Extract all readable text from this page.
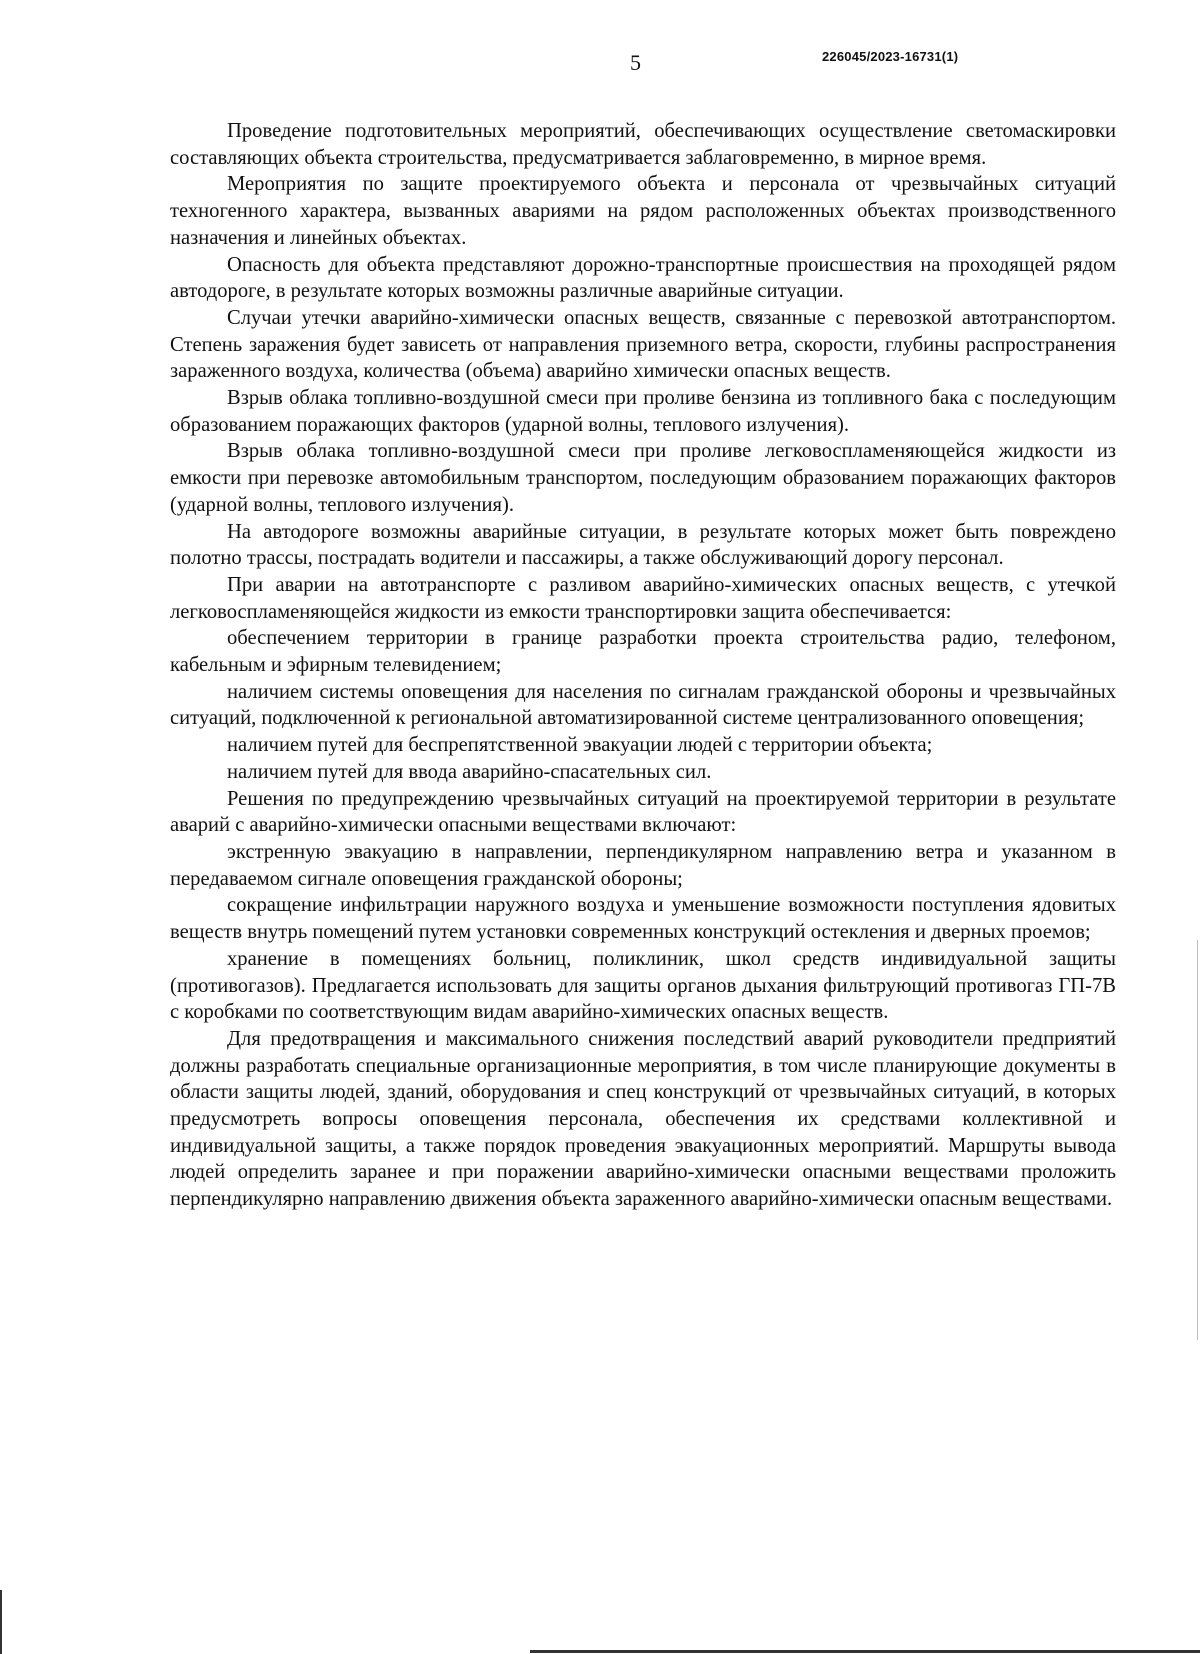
5	226045/2023-16731(1)

Проведение подготовительных мероприятий, обеспечивающих осуществление светомаскировки составляющих объекта строительства, предусматривается заблаговременно, в мирное время.

Мероприятия по защите проектируемого объекта и персонала от чрезвычайных ситуаций техногенного характера, вызванных авариями на рядом расположенных объектах производственного назначения и линейных объектах.

Опасность для объекта представляют дорожно-транспортные происшествия на проходящей рядом автодороге, в результате которых возможны различные аварийные ситуации.

Случаи утечки аварийно-химически опасных веществ, связанные с перевозкой автотранспортом. Степень заражения будет зависеть от направления приземного ветра, скорости, глубины распространения зараженного воздуха, количества (объема) аварийно химически опасных веществ.

Взрыв облака топливно-воздушной смеси при проливе бензина из топливного бака с последующим образованием поражающих факторов (ударной волны, теплового излучения).

Взрыв облака топливно-воздушной смеси при проливе легковоспламеняющейся жидкости из емкости при перевозке автомобильным транспортом, последующим образованием поражающих факторов (ударной волны, теплового излучения).

На автодороге возможны аварийные ситуации, в результате которых может быть повреждено полотно трассы, пострадать водители и пассажиры, а также обслуживающий дорогу персонал.

При аварии на автотранспорте с разливом аварийно-химических опасных веществ, с утечкой легковоспламеняющейся жидкости из емкости транспортировки защита обеспечивается:

обеспечением территории в границе разработки проекта строительства радио, телефоном, кабельным и эфирным телевидением;

наличием системы оповещения для населения по сигналам гражданской обороны и чрезвычайных ситуаций, подключенной к региональной автоматизированной системе централизованного оповещения;

наличием путей для беспрепятственной эвакуации людей с территории объекта;

наличием путей для ввода аварийно-спасательных сил.

Решения по предупреждению чрезвычайных ситуаций на проектируемой территории в результате аварий с аварийно-химически опасными веществами включают:

экстренную эвакуацию в направлении, перпендикулярном направлению ветра и указанном в передаваемом сигнале оповещения гражданской обороны;

сокращение инфильтрации наружного воздуха и уменьшение возможности поступления ядовитых веществ внутрь помещений путем установки современных конструкций остекления и дверных проемов;

хранение в помещениях больниц, поликлиник, школ средств индивидуальной защиты (противогазов). Предлагается использовать для защиты органов дыхания фильтрующий противогаз ГП-7В с коробками по соответствующим видам аварийно-химических опасных веществ.

Для предотвращения и максимального снижения последствий аварий руководители предприятий должны разработать специальные организационные мероприятия, в том числе планирующие документы в области защиты людей, зданий, оборудования и спец конструкций от чрезвычайных ситуаций, в которых предусмотреть вопросы оповещения персонала, обеспечения их средствами коллективной и индивидуальной защиты, а также порядок проведения эвакуационных мероприятий. Маршруты вывода людей определить заранее и при поражении аварийно-химически опасными веществами проложить перпендикулярно направлению движения объекта зараженного аварийно-химически опасным веществами.
